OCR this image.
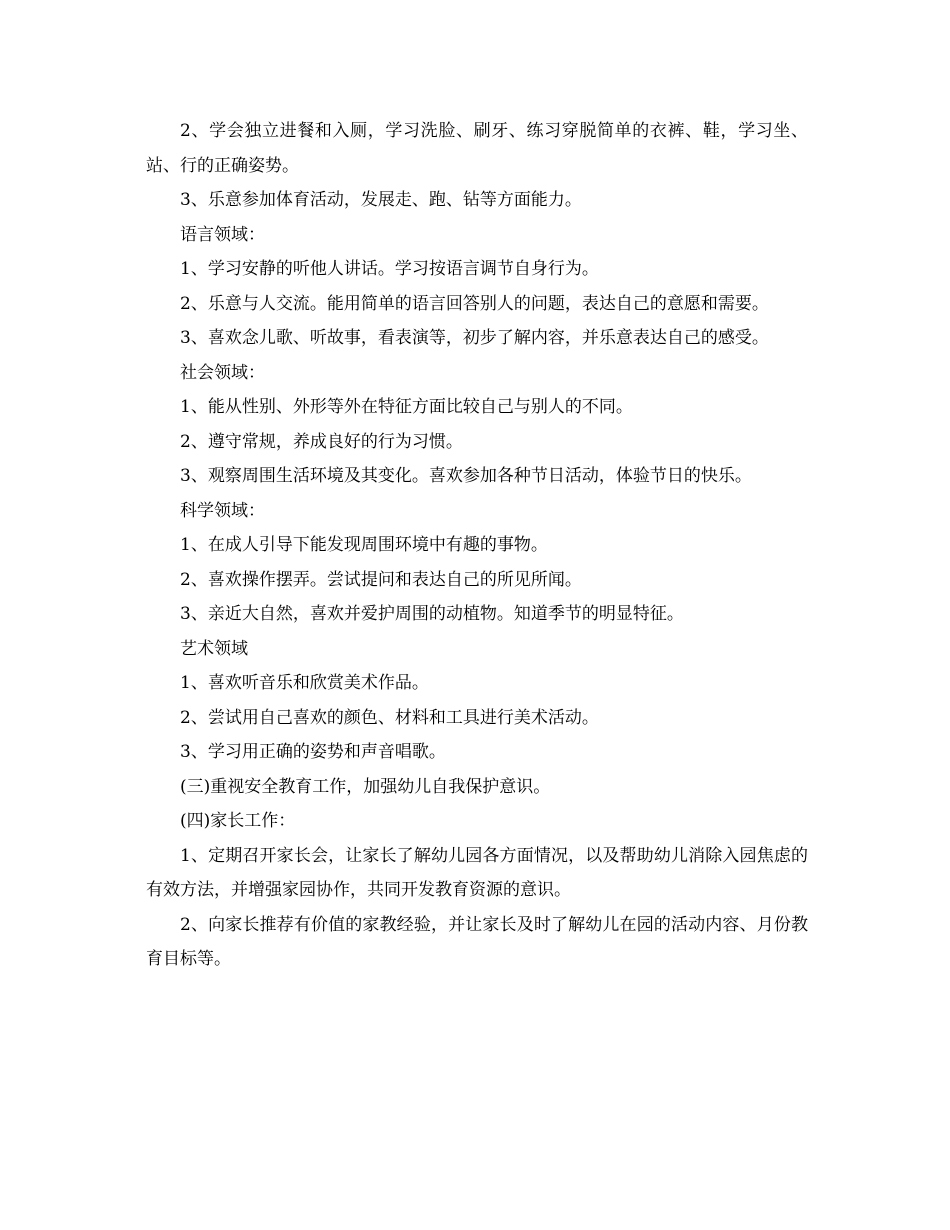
2、学会独立进餐和入厕，学习洗脸、刷牙、练习穿脱简单的衣裤、鞋，学习坐、站、行的正确姿势。

3、乐意参加体育活动，发展走、跑、钻等方面能力。

语言领域：

1、学习安静的听他人讲话。学习按语言调节自身行为。

2、乐意与人交流。能用简单的语言回答别人的问题，表达自己的意愿和需要。

3、喜欢念儿歌、听故事，看表演等，初步了解内容，并乐意表达自己的感受。

社会领域：

1、能从性别、外形等外在特征方面比较自己与别人的不同。

2、遵守常规，养成良好的行为习惯。

3、观察周围生活环境及其变化。喜欢参加各种节日活动，体验节日的快乐。

科学领域：

1、在成人引导下能发现周围环境中有趣的事物。

2、喜欢操作摆弄。尝试提问和表达自己的所见所闻。

3、亲近大自然，喜欢并爱护周围的动植物。知道季节的明显特征。

艺术领域

1、喜欢听音乐和欣赏美术作品。

2、尝试用自己喜欢的颜色、材料和工具进行美术活动。

3、学习用正确的姿势和声音唱歌。

(三)重视安全教育工作，加强幼儿自我保护意识。

(四)家长工作：

1、定期召开家长会，让家长了解幼儿园各方面情况，以及帮助幼儿消除入园焦虑的有效方法，并增强家园协作，共同开发教育资源的意识。

2、向家长推荐有价值的家教经验，并让家长及时了解幼儿在园的活动内容、月份教育目标等。
